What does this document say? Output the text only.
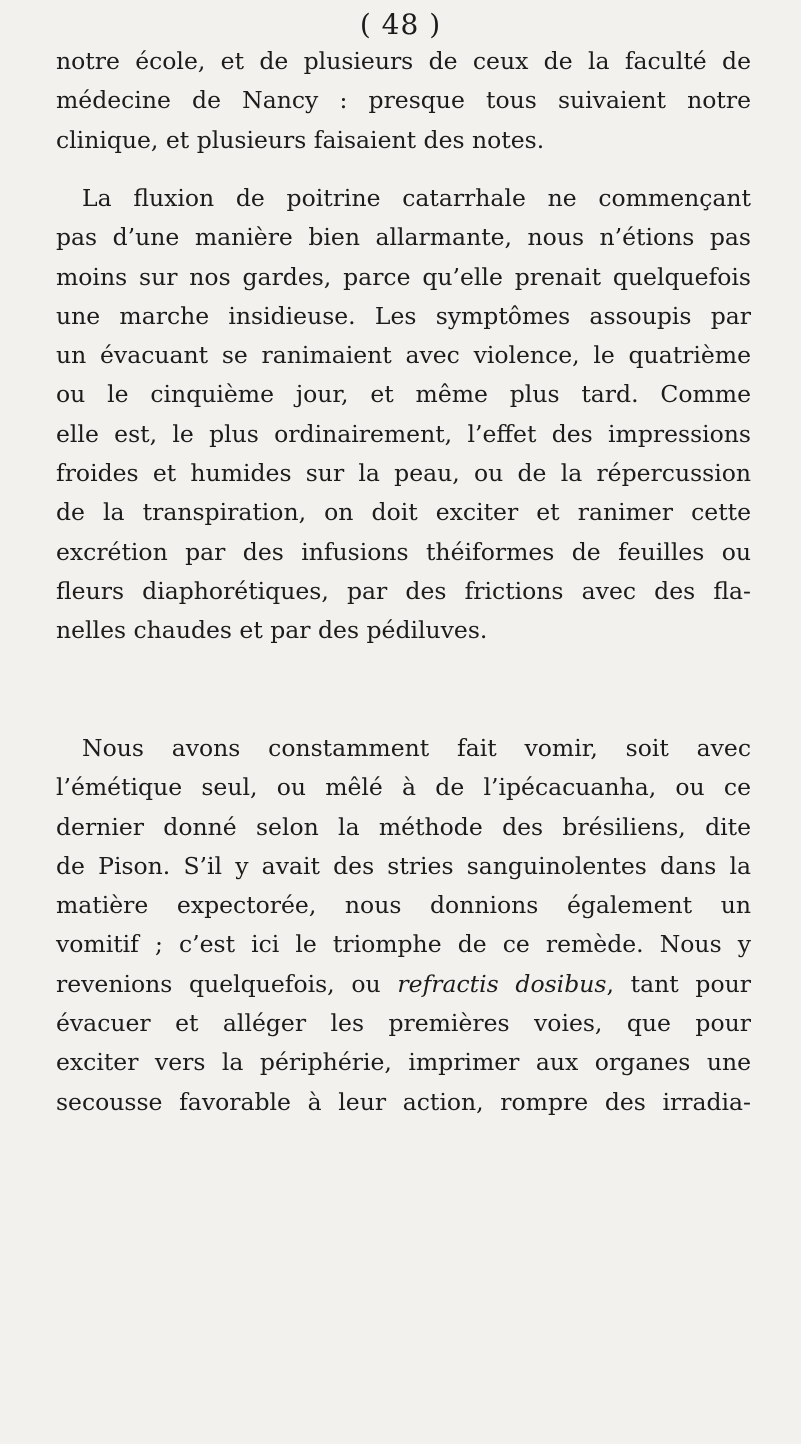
( 48 )
notre école, et de plusieurs de ceux de la faculté de
médecine de Nancy : presque tous suivaient notre
clinique, et plusieurs faisaient des notes.
La fluxion de poitrine catarrhale ne commençant
pas d’une manière bien allarmante, nous n’étions pas
moins sur nos gardes, parce qu’elle prenait quelquefois
une marche insidieuse. Les symptômes assoupis par
un évacuant se ranimaient avec violence, le quatrième
ou le cinquième jour, et même plus tard. Comme
elle est, le plus ordinairement, l’effet des impressions
froides et humides sur la peau, ou de la répercussion
de la transpiration, on doit exciter et ranimer cette
excrétion par des infusions théiformes de feuilles ou
fleurs diaphorétiques, par des frictions avec des fla-
nelles chaudes et par des pédiluves.
Nous avons constamment fait vomir, soit avec
l’émétique seul, ou mêlé à de l’ipécacuanha, ou ce
dernier donné selon la méthode des brésiliens, dite
de Pison. S’il y avait des stries sanguinolentes dans la
matière expectorée, nous donnions également un
vomitif ; c’est ici le triomphe de ce remède. Nous y
revenions quelquefois, ou refractis dosibus, tant pour
évacuer et alléger les premières voies, que pour
exciter vers la périphérie, imprimer aux organes une
secousse favorable à leur action, rompre des irradia-
